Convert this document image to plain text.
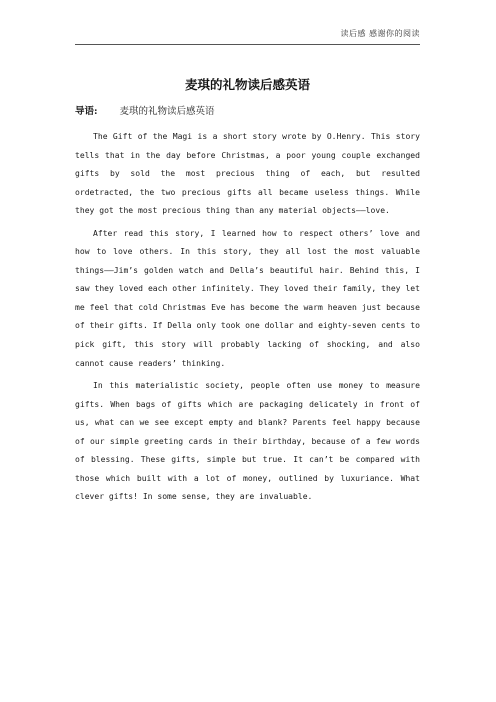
读后感 感谢你的阅读
麦琪的礼物读后感英语
导语: 麦琪的礼物读后感英语

The Gift of the Magi is a short story wrote by O.Henry. This story tells that in the day before Christmas, a poor young couple exchanged gifts by sold the most precious thing of each, but resulted ordetracted, the two precious gifts all became useless things. While they got the most precious thing than any material objects——love.

After read this story, I learned how to respect others’ love and how to love others. In this story, they all lost the most valuable things——Jim’s golden watch and Della’s beautiful hair. Behind this, I saw they loved each other infinitely. They loved their family, they let me feel that cold Christmas Eve has become the warm heaven just because of their gifts. If Della only took one dollar and eighty-seven cents to pick gift, this story will probably lacking of shocking, and also cannot cause readers’ thinking.

In this materialistic society, people often use money to measure gifts. When bags of gifts which are packaging delicately in front of us, what can we see except empty and blank? Parents feel happy because of our simple greeting cards in their birthday, because of a few words of blessing. These gifts, simple but true. It can’t be compared with those which built with a lot of money, outlined by luxuriance. What clever gifts! In some sense, they are invaluable.
